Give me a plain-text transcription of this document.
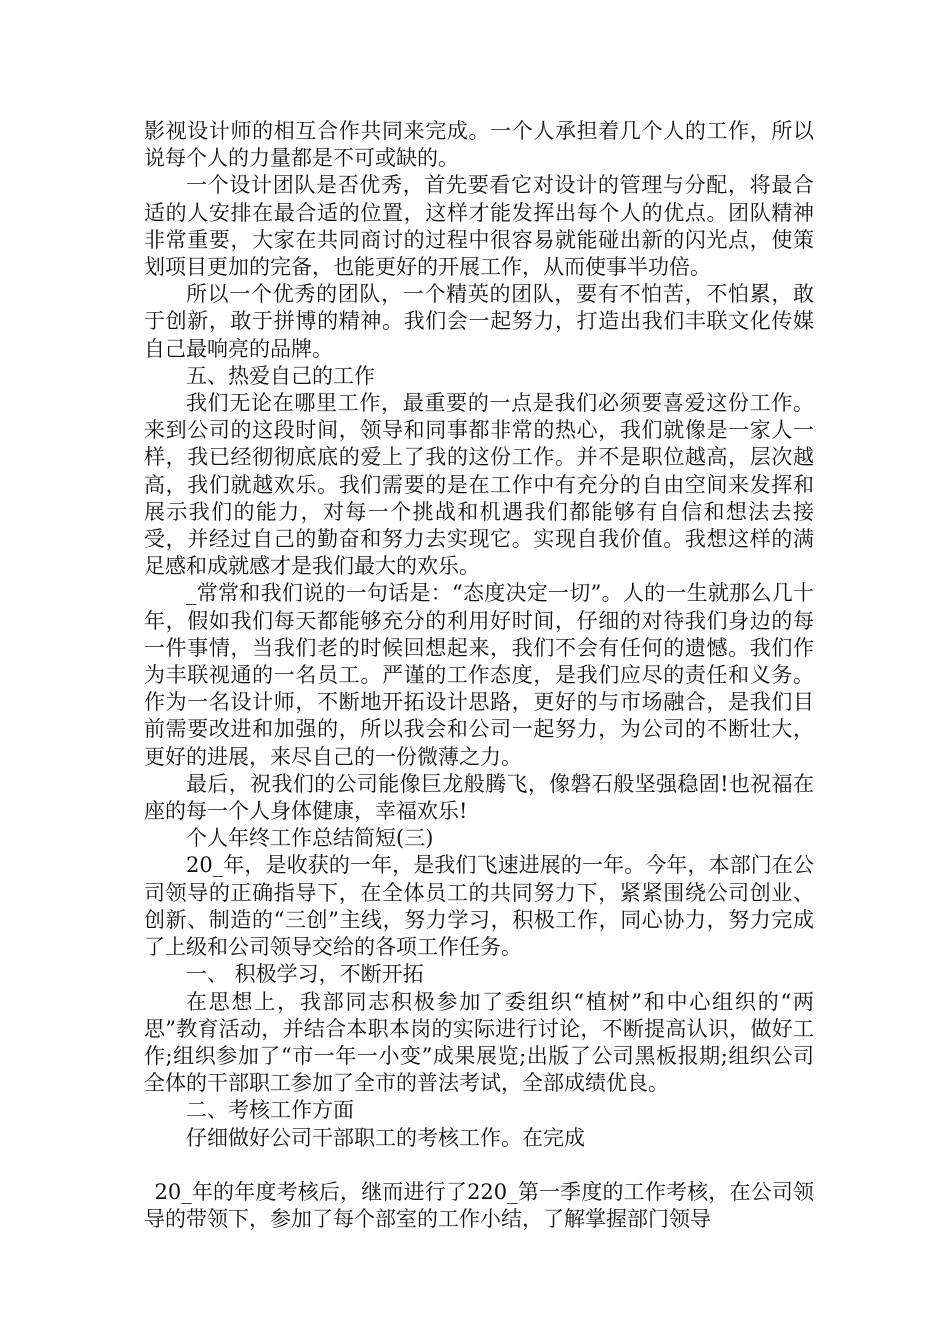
影视设计师的相互合作共同来完成。一个人承担着几个人的工作，所以说每个人的力量都是不可或缺的。

一个设计团队是否优秀，首先要看它对设计的管理与分配，将最合适的人安排在最合适的位置，这样才能发挥出每个人的优点。团队精神非常重要，大家在共同商讨的过程中很容易就能碰出新的闪光点，使策划项目更加的完备，也能更好的开展工作，从而使事半功倍。

所以一个优秀的团队，一个精英的团队，要有不怕苦，不怕累，敢于创新，敢于拼博的精神。我们会一起努力，打造出我们丰联文化传媒自己最响亮的品牌。

五、热爱自己的工作

我们无论在哪里工作，最重要的一点是我们必须要喜爱这份工作。来到公司的这段时间，领导和同事都非常的热心，我们就像是一家人一样，我已经彻彻底底的爱上了我的这份工作。并不是职位越高，层次越高，我们就越欢乐。我们需要的是在工作中有充分的自由空间来发挥和展示我们的能力，对每一个挑战和机遇我们都能够有自信和想法去接受，并经过自己的勤奋和努力去实现它。实现自我价值。我想这样的满足感和成就感才是我们最大的欢乐。

_常常和我们说的一句话是：“态度决定一切”。人的一生就那么几十年，假如我们每天都能够充分的利用好时间，仔细的对待我们身边的每一件事情，当我们老的时候回想起来，我们不会有任何的遗憾。我们作为丰联视通的一名员工。严谨的工作态度，是我们应尽的责任和义务。作为一名设计师，不断地开拓设计思路，更好的与市场融合，是我们目前需要改进和加强的，所以我会和公司一起努力，为公司的不断壮大，更好的进展，来尽自己的一份微薄之力。

最后，祝我们的公司能像巨龙般腾飞，像磐石般坚强稳固!也祝福在座的每一个人身体健康，幸福欢乐!

个人年终工作总结简短(三)

20_年，是收获的一年，是我们飞速进展的一年。今年，本部门在公司领导的正确指导下，在全体员工的共同努力下，紧紧围绕公司创业、创新、制造的“三创”主线，努力学习，积极工作，同心协力，努力完成了上级和公司领导交给的各项工作任务。

一、 积极学习，不断开拓

在思想上，我部同志积极参加了委组织“植树”和中心组织的“两思”教育活动，并结合本职本岗的实际进行讨论，不断提高认识，做好工作;组织参加了“市一年一小变”成果展览;出版了公司黑板报期;组织公司全体的干部职工参加了全市的普法考试，全部成绩优良。

二、考核工作方面

仔细做好公司干部职工的考核工作。在完成

20_年的年度考核后，继而进行了220_第一季度的工作考核，在公司领导的带领下，参加了每个部室的工作小结，了解掌握部门领导
